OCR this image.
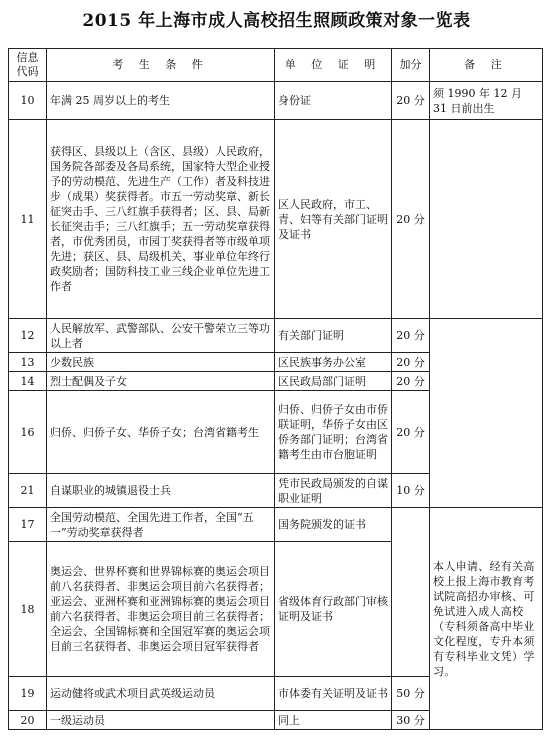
2015 年上海市成人高校招生照顾政策对象一览表
信息代码	考 生 条 件	单 位 证 明	加分	备 注
10	年满 25 周岁以上的考生	身份证	20 分	须 1990 年 12 月 31 日前出生
11	获得区、县级以上（含区、县级）人民政府，国务院各部委及各局系统，国家特大型企业授予的劳动模范、先进生产（工作）者及科技进步（成果）奖获得者。市五一劳动奖章、新长征突击手、三八红旗手获得者；区、县、局新长征突击手；三八红旗手；五一劳动奖章获得者，市优秀团员，市园丁奖获得者等市级单项先进；获区、县、局级机关、事业单位年终行政奖励者；国防科技工业三线企业单位先进工作者	区人民政府，市工、青、妇等有关部门证明及证书	20 分	
12	人民解放军、武警部队、公安干警荣立三等功以上者	有关部门证明	20 分	
13	少数民族	区民族事务办公室	20 分	
14	烈士配偶及子女	区民政局部门证明	20 分	
16	归侨、归侨子女、华侨子女；台湾省籍考生	归侨、归侨子女由市侨联证明，华侨子女由区侨务部门证明；台湾省籍考生由市台胞证明	20 分	
21	自谋职业的城镇退役士兵	凭市民政局颁发的自谋职业证明	10 分	
17	全国劳动模范、全国先进工作者，全国“五一”劳动奖章获得者	国务院颁发的证书		本人申请、经有关高校上报上海市教育考试院高招办审核、可免试进入成人高校（专科须备高中毕业文化程度，专升本须有专科毕业文凭）学习。
18	奥运会、世界杯赛和世界锦标赛的奥运会项目前八名获得者、非奥运会项目前六名获得者；亚运会、亚洲杯赛和亚洲锦标赛的奥运会项目前六名获得者、非奥运会项目前三名获得者；全运会、全国锦标赛和全国冠军赛的奥运会项目前三名获得者、非奥运会项目冠军获得者	省级体育行政部门审核证明及证书		
19	运动健将或武术项目武英级运动员	市体委有关证明及证书	50 分	
20	一级运动员	同上	30 分	
